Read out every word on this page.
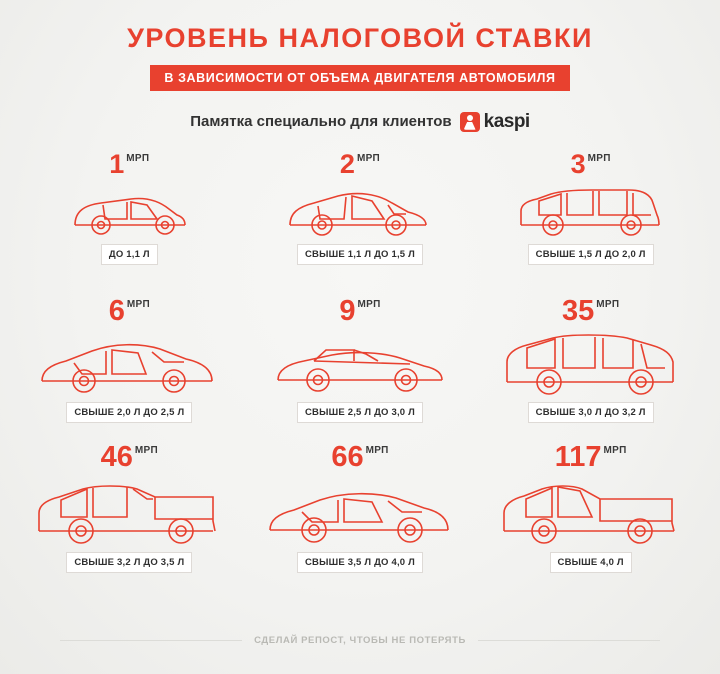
УРОВЕНЬ НАЛОГОВОЙ СТАВКИ
В ЗАВИСИМОСТИ ОТ ОБЪЕМА ДВИГАТЕЛЯ АВТОМОБИЛЯ
Памятка специально для клиентов kaspi
1 МРП
ДО 1,1 Л
2 МРП
СВЫШЕ 1,1 Л ДО 1,5 Л
3 МРП
СВЫШЕ 1,5 Л ДО 2,0 Л
6 МРП
СВЫШЕ 2,0 Л ДО 2,5 Л
9 МРП
СВЫШЕ 2,5 Л ДО 3,0 Л
35 МРП
СВЫШЕ 3,0 Л ДО 3,2 Л
46 МРП
СВЫШЕ 3,2 Л ДО 3,5 Л
66 МРП
СВЫШЕ 3,5 Л ДО 4,0 Л
117 МРП
СВЫШЕ 4,0 Л
СДЕЛАЙ РЕПОСТ, ЧТОБЫ НЕ ПОТЕРЯТЬ
